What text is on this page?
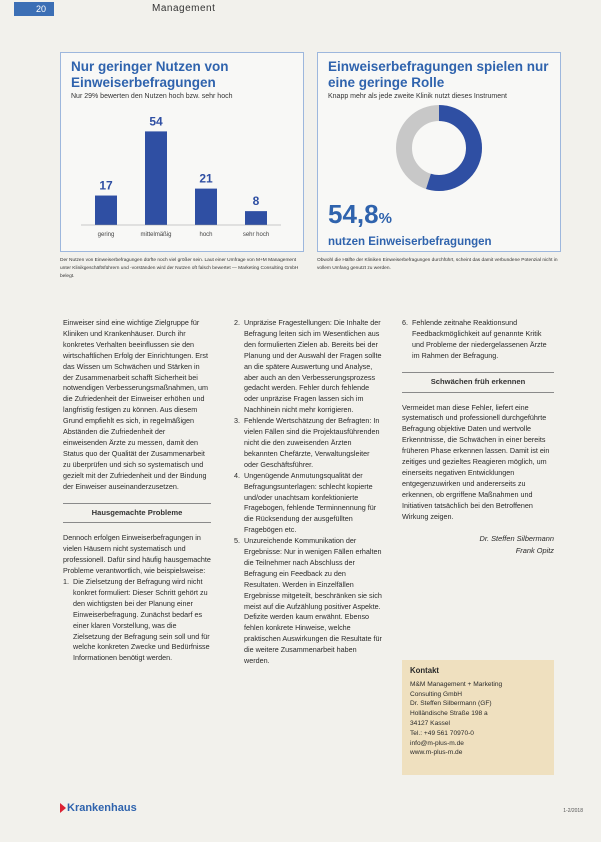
20	Management
Nur geringer Nutzen von Einweiserbefragungen
Nur 29% bewerten den Nutzen hoch bzw. sehr hoch
17
gering
54
mittelmäßig
21
hoch
8
sehr hoch
Der Nutzen von Einweiserbefragungen dürfte noch viel größer sein. Laut einer Umfrage von M+M Management unter Klinikgeschäftsführern und -vorständen wird der Nutzen oft falsch bewertet — Marketing Consulting GmbH belegt.
Einweiserbefragungen spielen nur eine geringe Rolle
Knapp mehr als jede zweite Klinik nutzt dieses Instrument
54,8%
nutzen Einweiserbefragungen
Obwohl die Hälfte der Kliniken Einweiserbefragungen durchführt, scheint das damit verbundene Potenzial nicht in vollem Umfang genutzt zu werden.

Einweiser sind eine wichtige Zielgruppe für Kliniken und Krankenhäuser. Durch ihr konkretes Verhalten beeinflussen sie den wirtschaftlichen Erfolg der Einrichtungen. Erst das Wissen um Schwächen und Stärken in der Zusammenarbeit schafft Sicherheit bei notwendigen Verbesserungsmaßnahmen, um die Zufriedenheit der Einweiser erhöhen und langfristig festigen zu können. Aus diesem Grund empfiehlt es sich, in regelmäßigen Abständen die Zufriedenheit der einweisenden Ärzte zu messen, damit den Status quo der Qualität der Zusammenarbeit zu überprüfen und sich so systematisch und gezielt mit der Zufriedenheit und der Bindung der Einweiser auseinanderzusetzen.

Hausgemachte Probleme

Dennoch erfolgen Einweiserbefragungen in vielen Häusern nicht systematisch und professionell. Dafür sind häufig hausgemachte Probleme verantwortlich, wie beispielsweise:

1. Die Zielsetzung der Befragung wird nicht konkret formuliert: Dieser Schritt gehört zu den wichtigsten bei der Planung einer Einweiserbefragung. Zunächst bedarf es einer klaren Vorstellung, was die Zielsetzung der Befragung sein soll und für welche konkreten Zwecke und Bedürfnisse Informationen benötigt werden.
2. Unpräzise Fragestellungen: Die Inhalte der Befragung leiten sich im Wesentlichen aus den formulierten Zielen ab. Bereits bei der Planung und der Auswahl der Fragen sollte an die spätere Auswertung und Analyse, aber auch an den Verbesserungsprozess gedacht werden. Fehler durch fehlende oder unpräzise Fragen lassen sich im Nachhinein nicht mehr korrigieren.
3. Fehlende Wertschätzung der Befragten: In vielen Fällen sind die Projektausführenden nicht die den zuweisenden Ärzten bekannten Chefärzte, Verwaltungsleiter oder Geschäftsführer.
4. Ungenügende Anmutungsqualität der Befragungsunterlagen: schlecht kopierte und/oder unachtsam konfektionierte Fragebogen, fehlende Terminnennung für die Rücksendung der ausgefüllten Fragebögen etc.
5. Unzureichende Kommunikation der Ergebnisse: Nur in wenigen Fällen erhalten die Teilnehmer nach Abschluss der Befragung ein Feedback zu den Resultaten. Werden in Einzelfällen Ergebnisse mitgeteilt, beschränken sie sich meist auf die Aufzählung positiver Aspekte. Defizite werden kaum erwähnt. Ebenso fehlen konkrete Hinweise, welche praktischen Auswirkungen die Resultate für die weitere Zusammenarbeit haben werden.
6. Fehlende zeitnahe Reaktionsund Feedbackmöglichkeit auf genannte Kritik und Probleme der niedergelassenen Ärzte im Rahmen der Befragung.
Schwächen früh erkennen

Vermeidet man diese Fehler, liefert eine systematisch und professionell durchgeführte Befragung objektive Daten und wertvolle Erkenntnisse, die Schwächen in einer bereits früheren Phase erkennen lassen. Damit ist ein zeitiges und gezieltes Reagieren möglich, um einerseits negativen Entwicklungen entgegenzuwirken und andererseits zu erkennen, ob ergriffene Maßnahmen und Initiativen tatsächlich bei den Betroffenen Wirkung zeigen.

Dr. Steffen Silbermann
Frank Opitz
Kontakt
M&M Management + Marketing
Consulting GmbH
Dr. Steffen Silbermann (GF)
Holländische Straße 198 a
34127 Kassel
Tel.: +49 561 70970-0
info@m-plus-m.de
www.m-plus-m.de
Krankenhaus	1-2/2018
